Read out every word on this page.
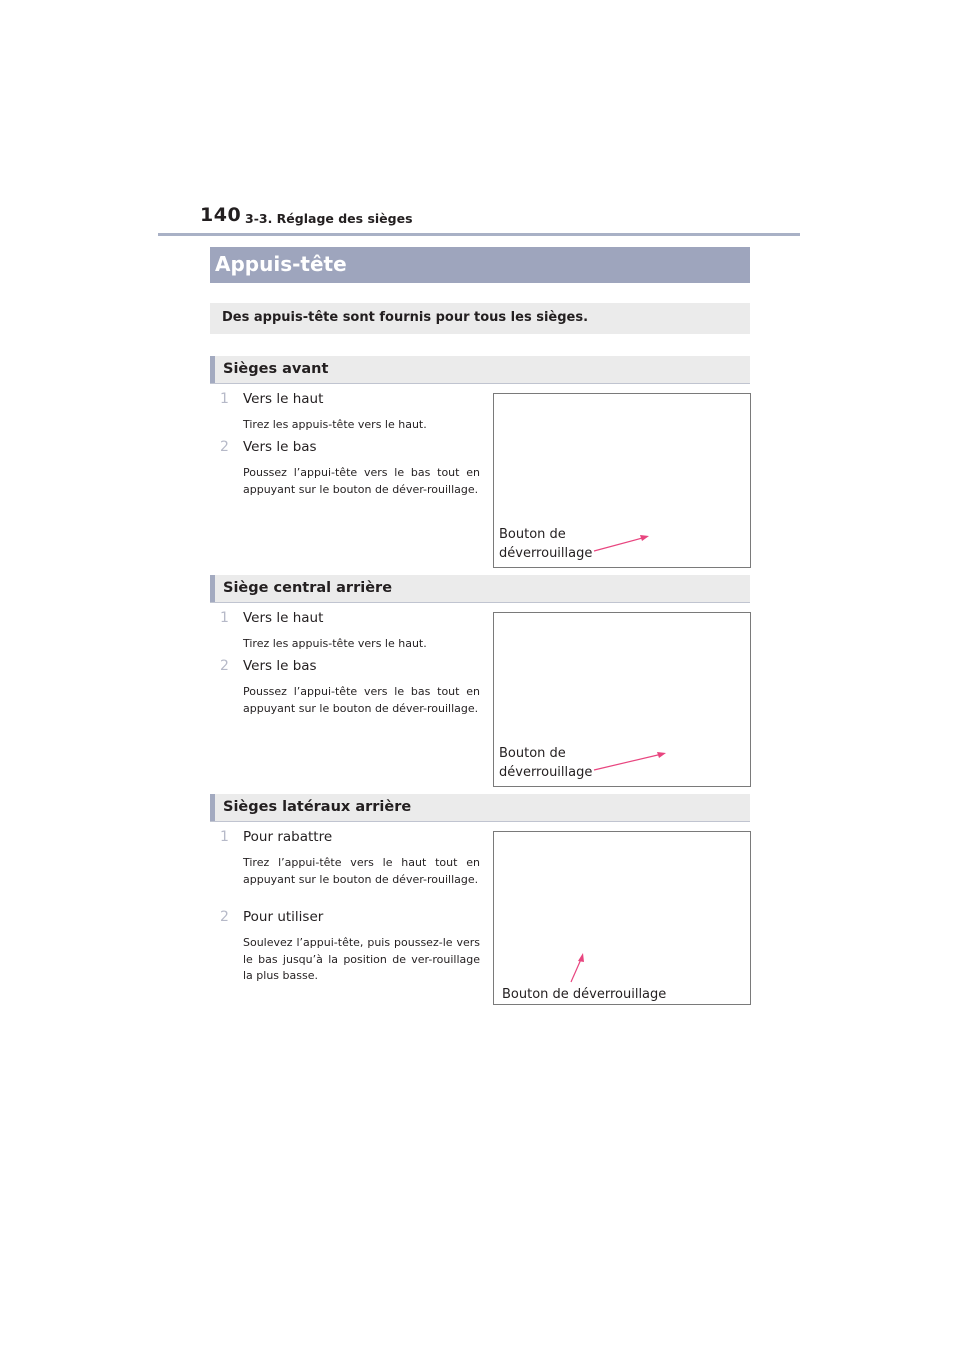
140 3-3. Réglage des sièges
Appuis-tête
Des appuis-tête sont fournis pour tous les sièges.
Sièges avant
1 Vers le haut
Tirez les appuis-tête vers le haut.
2 Vers le bas
Poussez l’appui-tête vers le bas tout en appuyant sur le bouton de déver-rouillage.
Bouton de
déverrouillage
Siège central arrière
1 Vers le haut
Tirez les appuis-tête vers le haut.
2 Vers le bas
Poussez l’appui-tête vers le bas tout en appuyant sur le bouton de déver-rouillage.
Bouton de
déverrouillage
Sièges latéraux arrière
1 Pour rabattre
Tirez l’appui-tête vers le haut tout en appuyant sur le bouton de déver-rouillage.
2 Pour utiliser
Soulevez l’appui-tête, puis poussez-le vers le bas jusqu’à la position de ver-rouillage la plus basse.
Bouton de déverrouillage
